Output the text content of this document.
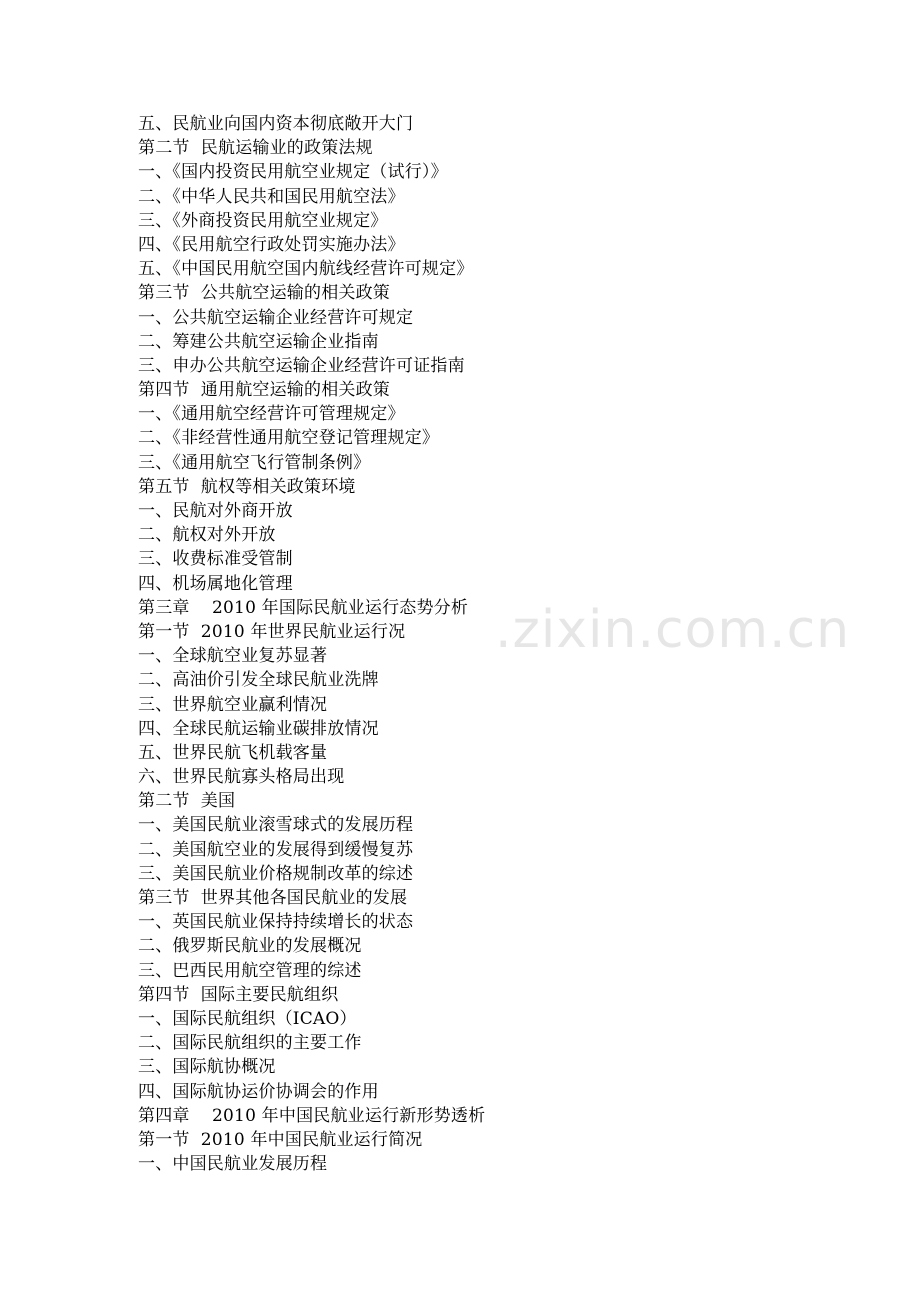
.zixin.com.cn
五、民航业向国内资本彻底敞开大门
第二节  民航运输业的政策法规
一、《国内投资民用航空业规定（试行）》
二、《中华人民共和国民用航空法》
三、《外商投资民用航空业规定》
四、《民用航空行政处罚实施办法》
五、《中国民用航空国内航线经营许可规定》
第三节  公共航空运输的相关政策
一、公共航空运输企业经营许可规定
二、筹建公共航空运输企业指南
三、申办公共航空运输企业经营许可证指南
第四节  通用航空运输的相关政策
一、《通用航空经营许可管理规定》
二、《非经营性通用航空登记管理规定》
三、《通用航空飞行管制条例》
第五节  航权等相关政策环境
一、民航对外商开放
二、航权对外开放
三、收费标准受管制
四、机场属地化管理
第三章    2010 年国际民航业运行态势分析
第一节  2010 年世界民航业运行况
一、全球航空业复苏显著
二、高油价引发全球民航业洗牌
三、世界航空业赢利情况
四、全球民航运输业碳排放情况
五、世界民航飞机载客量
六、世界民航寡头格局出现
第二节  美国
一、美国民航业滚雪球式的发展历程
二、美国航空业的发展得到缓慢复苏
三、美国民航业价格规制改革的综述
第三节  世界其他各国民航业的发展
一、英国民航业保持持续增长的状态
二、俄罗斯民航业的发展概况
三、巴西民用航空管理的综述
第四节  国际主要民航组织
一、国际民航组织（ICAO）
二、国际民航组织的主要工作
三、国际航协概况
四、国际航协运价协调会的作用
第四章    2010 年中国民航业运行新形势透析
第一节  2010 年中国民航业运行简况
一、中国民航业发展历程
